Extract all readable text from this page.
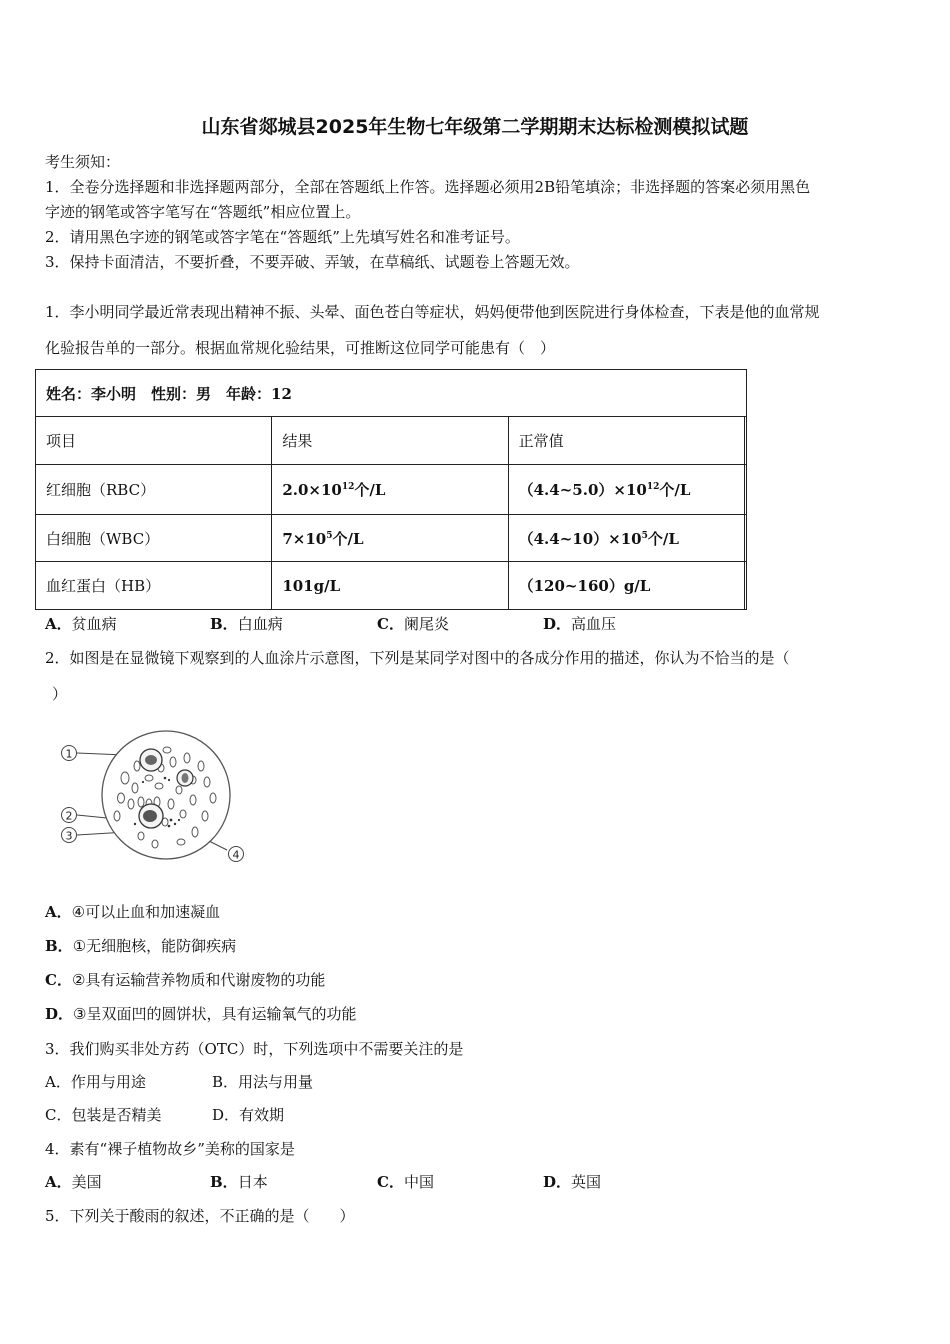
山东省郯城县2025年生物七年级第二学期期末达标检测模拟试题
考生须知：
1．全卷分选择题和非选择题两部分，全部在答题纸上作答。选择题必须用2B铅笔填涂；非选择题的答案必须用黑色
字迹的钢笔或答字笔写在“答题纸”相应位置上。
2．请用黑色字迹的钢笔或答字笔在“答题纸”上先填写姓名和准考证号。
3．保持卡面清洁，不要折叠，不要弄破、弄皱，在草稿纸、试题卷上答题无效。
1．李小明同学最近常表现出精神不振、头晕、面色苍白等症状，妈妈便带他到医院进行身体检查，下表是他的血常规
化验报告单的一部分。根据血常规化验结果，可推断这位同学可能患有（　）
姓名：李小明　性别：男　年龄：12			
项目	结果	正常值	
红细胞（RBC）	$2.0\times 10^{12}$个/L	$(4.4\sim 5.0)\times 10^{12}$个/L	
白细胞（WBC）	$7\times 10^5$个/L	$(4.4\sim 10)\times 10^5$个/L	
血红蛋白（HB）	101g/L	（120~160）g/L	
A．贫血病	B．白血病	C．阑尾炎	D．高血压
2．如图是在显微镜下观察到的人血涂片示意图，下列是某同学对图中的各成分作用的描述，你认为不恰当的是（
）
1
2
3
4
A．④可以止血和加速凝血
B．①无细胞核，能防御疾病
C．②具有运输营养物质和代谢废物的功能
D．③呈双面凹的圆饼状，具有运输氧气的功能
3．我们购买非处方药（OTC）时，下列选项中不需要关注的是
A．作用与用途	B．用法与用量
C．包装是否精美	D．有效期
4．素有“裸子植物故乡”美称的国家是
A．美国	B．日本	C．中国	D．英国
5．下列关于酸雨的叙述，不正确的是（　　）
